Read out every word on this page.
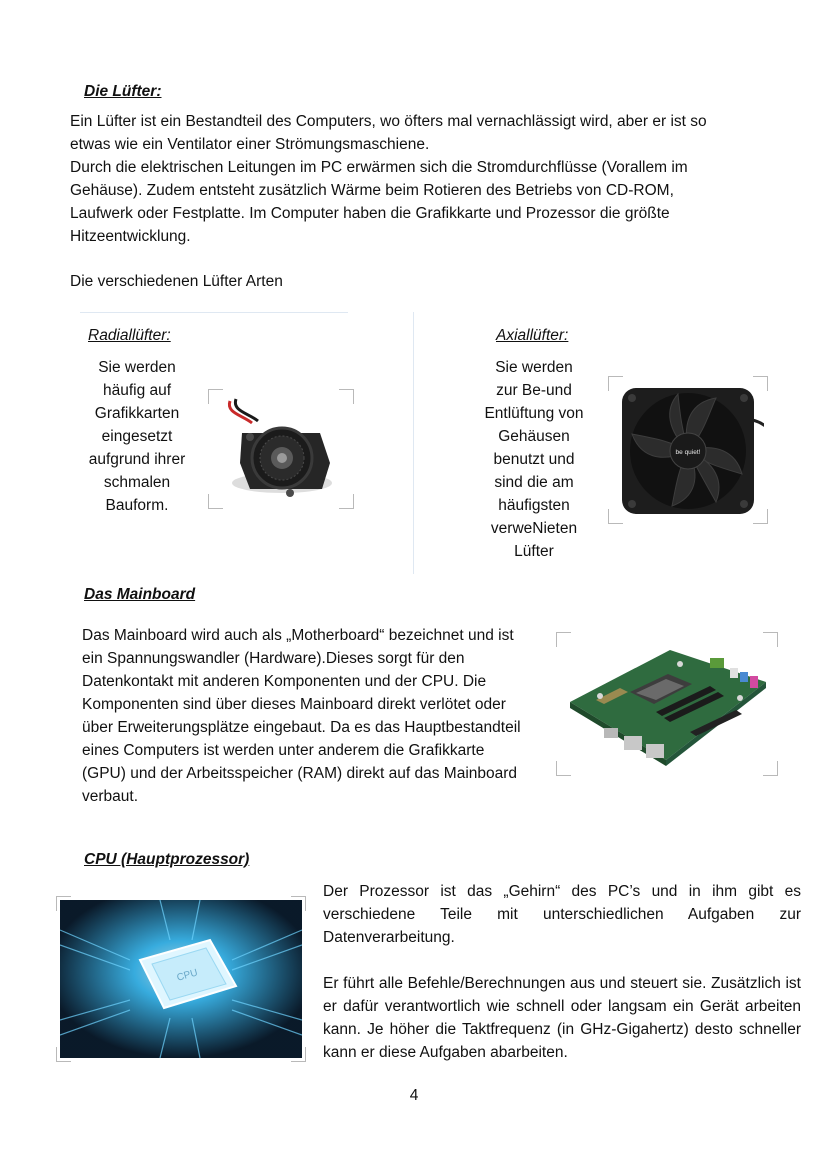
Die Lüfter:
Ein Lüfter ist ein Bestandteil des Computers, wo öfters mal vernachlässigt wird, aber er ist so
etwas wie ein Ventilator einer Strömungsmaschiene.
Durch die elektrischen Leitungen im PC erwärmen sich die Stromdurchflüsse (Vorallem im
Gehäuse). Zudem entsteht zusätzlich Wärme beim Rotieren des Betriebs von CD-ROM,
Laufwerk oder Festplatte. Im Computer haben die Grafikkarte und Prozessor die größte
Hitzeentwicklung.
Die verschiedenen Lüfter Arten
Radiallüfter:
Sie werden
häufig auf
Grafikkarten
eingesetzt
aufgrund ihrer
schmalen
Bauform.
Axiallüfter:
Sie werden
zur Be-und
Entlüftung von
Gehäusen
benutzt und
sind die am
häufigsten
verweNieten
Lüfter
be quiet!
Das Mainboard
Das Mainboard wird auch als „Motherboard“ bezeichnet und ist
ein Spannungswandler (Hardware).Dieses sorgt für den
Datenkontakt mit anderen Komponenten und der CPU. Die
Komponenten sind über dieses Mainboard direkt verlötet oder
über Erweiterungsplätze eingebaut. Da es das Hauptbestandteil
eines Computers ist werden unter anderem die Grafikkarte
(GPU) und der Arbeitsspeicher (RAM) direkt auf das Mainboard
verbaut.
CPU (Hauptprozessor)
CPU
Der Prozessor ist das „Gehirn“ des PC’s und in ihm gibt es verschiedene Teile mit unterschiedlichen Aufgaben zur Datenverarbeitung.
Er führt alle Befehle/Berechnungen aus und steuert sie. Zusätzlich ist er dafür verantwortlich wie schnell oder langsam ein Gerät arbeiten kann. Je höher die Taktfrequenz (in GHz-Gigahertz) desto schneller kann er diese Aufgaben abarbeiten.
4
